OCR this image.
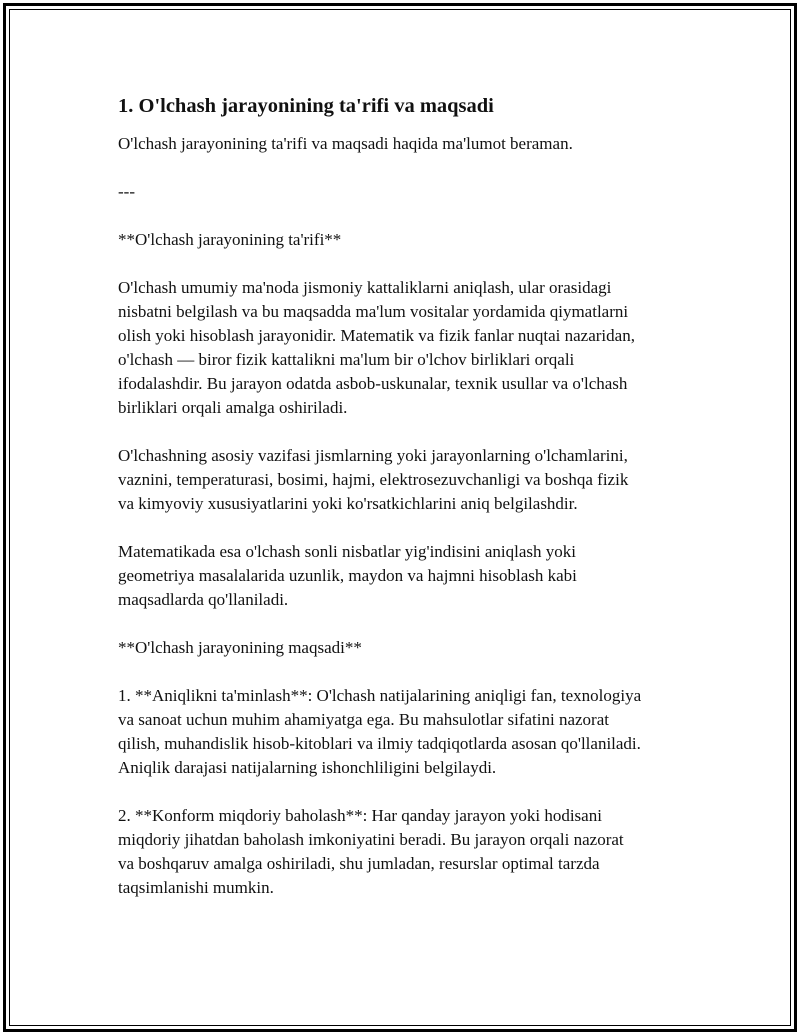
1. O'lchash jarayonining ta'rifi va maqsadi

O'lchash jarayonining ta'rifi va maqsadi haqida ma'lumot beraman.

---

**O'lchash jarayonining ta'rifi**

O'lchash umumiy ma'noda jismoniy kattaliklarni aniqlash, ular orasidagi
nisbatni belgilash va bu maqsadda ma'lum vositalar yordamida qiymatlarni
olish yoki hisoblash jarayonidir. Matematik va fizik fanlar nuqtai nazaridan,
o'lchash — biror fizik kattalikni ma'lum bir o'lchov birliklari orqali
ifodalashdir. Bu jarayon odatda asbob-uskunalar, texnik usullar va o'lchash
birliklari orqali amalga oshiriladi.

O'lchashning asosiy vazifasi jismlarning yoki jarayonlarning o'lchamlarini,
vaznini, temperaturasi, bosimi, hajmi, elektrosezuvchanligi va boshqa fizik
va kimyoviy xususiyatlarini yoki ko'rsatkichlarini aniq belgilashdir.

Matematikada esa o'lchash sonli nisbatlar yig'indisini aniqlash yoki
geometriya masalalarida uzunlik, maydon va hajmni hisoblash kabi
maqsadlarda qo'llaniladi.

**O'lchash jarayonining maqsadi**

1. **Aniqlikni ta'minlash**: O'lchash natijalarining aniqligi fan, texnologiya
va sanoat uchun muhim ahamiyatga ega. Bu mahsulotlar sifatini nazorat
qilish, muhandislik hisob-kitoblari va ilmiy tadqiqotlarda asosan qo'llaniladi.
Aniqlik darajasi natijalarning ishonchliligini belgilaydi.

2. **Konform miqdoriy baholash**: Har qanday jarayon yoki hodisani
miqdoriy jihatdan baholash imkoniyatini beradi. Bu jarayon orqali nazorat
va boshqaruv amalga oshiriladi, shu jumladan, resurslar optimal tarzda
taqsimlanishi mumkin.
